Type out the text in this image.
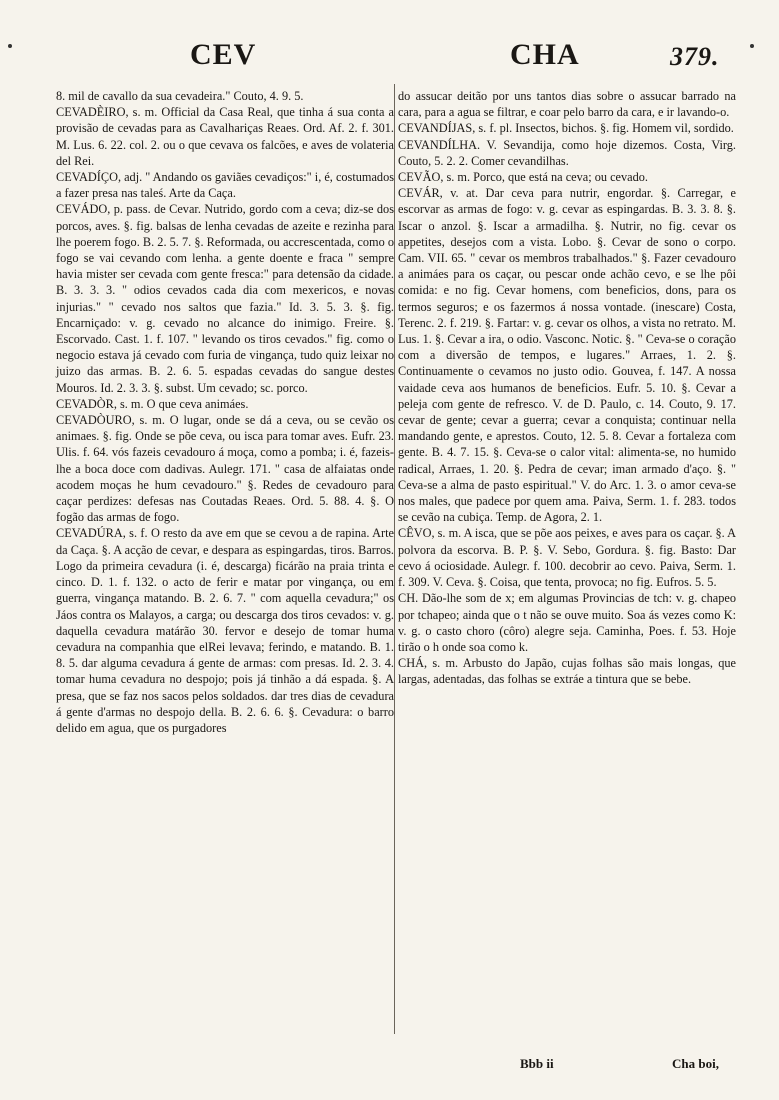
CEV	CHA	379.

8. mil de cavallo da sua cevadeira." Couto, 4. 9. 5.

CEVADÈIRO, s. m. Official da Casa Real, que tinha á sua conta a provisão de cevadas para as Cavalhariças Reaes. Ord. Af. 2. f. 301. M. Lus. 6. 22. col. 2. ou o que cevava os falcões, e aves de volateria del Rei.

CEVADÍÇO, adj. " Andando os gaviães cevadiços:" i, é, costumados a fazer presa nas taleś. Arte da Caça.

CEVÁDO, p. pass. de Cevar. Nutrido, gordo com a ceva; diz-se dos porcos, aves. §. fig. balsas de lenha cevadas de azeite e rezinha para lhe poerem fogo. B. 2. 5. 7. §. Reformada, ou accrescentada, como o fogo se vai cevando com lenha. a gente doente e fraca " sempre havia mister ser cevada com gente fresca:" para detensão da cidade. B. 3. 3. 3. " odios cevados cada dia com mexericos, e novas injurias." " cevado nos saltos que fazia." Id. 3. 5. 3. §. fig. Encarniçado: v. g. cevado no alcance do inimigo. Freire. §. Escorvado. Cast. 1. f. 107. " levando os tiros cevados." fig. como o negocio estava já cevado com furia de vingança, tudo quiz leixar no juizo das armas. B. 2. 6. 5. espadas cevadas do sangue destes Mouros. Id. 2. 3. 3. §. subst. Um cevado; sc. porco.

CEVADÒR, s. m. O que ceva animáes.

CEVADÒURO, s. m. O lugar, onde se dá a ceva, ou se cevão os animaes. §. fig. Onde se põe ceva, ou isca para tomar aves. Eufr. 23. Ulis. f. 64. vós fazeis cevadouro á moça, como a pomba; i. é, fazeis-lhe a boca doce com dadivas. Aulegr. 171. " casa de alfaiatas onde acodem moças he hum cevadouro." §. Redes de cevadouro para caçar perdizes: defesas nas Coutadas Reaes. Ord. 5. 88. 4. §. O fogão das armas de fogo.

CEVADÚRA, s. f. O resto da ave em que se cevou a de rapina. Arte da Caça. §. A acção de cevar, e despara as espingardas, tiros. Barros. Logo da primeira cevadura (i. é, descarga) ficárão na praia trinta e cinco. D. 1. f. 132. o acto de ferir e matar por vingança, ou em guerra, vingança matando. B. 2. 6. 7. " com aquella cevadura;" os Jáos contra os Malayos, a carga; ou descarga dos tiros cevados: v. g. daquella cevadura matárão 30. fervor e desejo de tomar huma cevadura na companhia que elRei levava; ferindo, e matando. B. 1. 8. 5. dar alguma cevadura á gente de armas: com presas. Id. 2. 3. 4. tomar huma cevadura no despojo; pois já tinhão a dá espada. §. A presa, que se faz nos sacos pelos soldados. dar tres dias de cevadura á gente d'armas no despojo della. B. 2. 6. 6. §. Cevadura: o barro delido em agua, que os purgadores

do assucar deitão por uns tantos dias sobre o assucar barrado na cara, para a agua se filtrar, e coar pelo barro da cara, e ir lavando-o.

CEVANDÍJAS, s. f. pl. Insectos, bichos. §. fig. Homem vil, sordido.

CEVANDÍLHA. V. Sevandija, como hoje dizemos. Costa, Virg. Couto, 5. 2. 2. Comer cevandilhas.

CEVÃO, s. m. Porco, que está na ceva; ou cevado.

CEVÁR, v. at. Dar ceva para nutrir, engordar. §. Carregar, e escorvar as armas de fogo: v. g. cevar as espingardas. B. 3. 3. 8. §. Iscar o anzol. §. Iscar a armadilha. §. Nutrir, no fig. cevar os appetites, desejos com a vista. Lobo. §. Cevar de sono o corpo. Cam. VII. 65. " cevar os membros trabalhados." §. Fazer cevadouro a animáes para os caçar, ou pescar onde achão cevo, e se lhe pôi comida: e no fig. Cevar homens, com beneficios, dons, para os termos seguros; e os fazermos á nossa vontade. (inescare) Costa, Terenc. 2. f. 219. §. Fartar: v. g. cevar os olhos, a vista no retrato. M. Lus. 1. §. Cevar a ira, o odio. Vasconc. Notic. §. " Ceva-se o coração com a diversão de tempos, e lugares." Arraes, 1. 2. §. Continuamente o cevamos no justo odio. Gouvea, f. 147. A nossa vaidade ceva aos humanos de beneficios. Eufr. 5. 10. §. Cevar a peleja com gente de refresco. V. de D. Paulo, c. 14. Couto, 9. 17. cevar de gente; cevar a guerra; cevar a conquista; continuar nella mandando gente, e aprestos. Couto, 12. 5. 8. Cevar a fortaleza com gente. B. 4. 7. 15. §. Ceva-se o calor vital: alimenta-se, no humido radical, Arraes, 1. 20. §. Pedra de cevar; iman armado d'aço. §. " Ceva-se a alma de pasto espiritual." V. do Arc. 1. 3. o amor ceva-se nos males, que padece por quem ama. Paiva, Serm. 1. f. 283. todos se cevão na cubiça. Temp. de Agora, 2. 1.

CÊVO, s. m. A isca, que se põe aos peixes, e aves para os caçar. §. A polvora da escorva. B. P. §. V. Sebo, Gordura. §. fig. Basto: Dar cevo á ociosidade. Aulegr. f. 100. decobrir ao cevo. Paiva, Serm. 1. f. 309. V. Ceva. §. Coisa, que tenta, provoca; no fig. Eufros. 5. 5.

CH. Dão-lhe som de x; em algumas Provincias de tch: v. g. chapeo por tchapeo; ainda que o t não se ouve muito. Soa ás vezes como K: v. g. o casto choro (côro) alegre seja. Caminha, Poes. f. 53. Hoje tirão o h onde soa como k.

CHÁ, s. m. Arbusto do Japão, cujas folhas são mais longas, que largas, adentadas, das folhas se extráe a tintura que se bebe.

Bbb ii	Cha boi,
